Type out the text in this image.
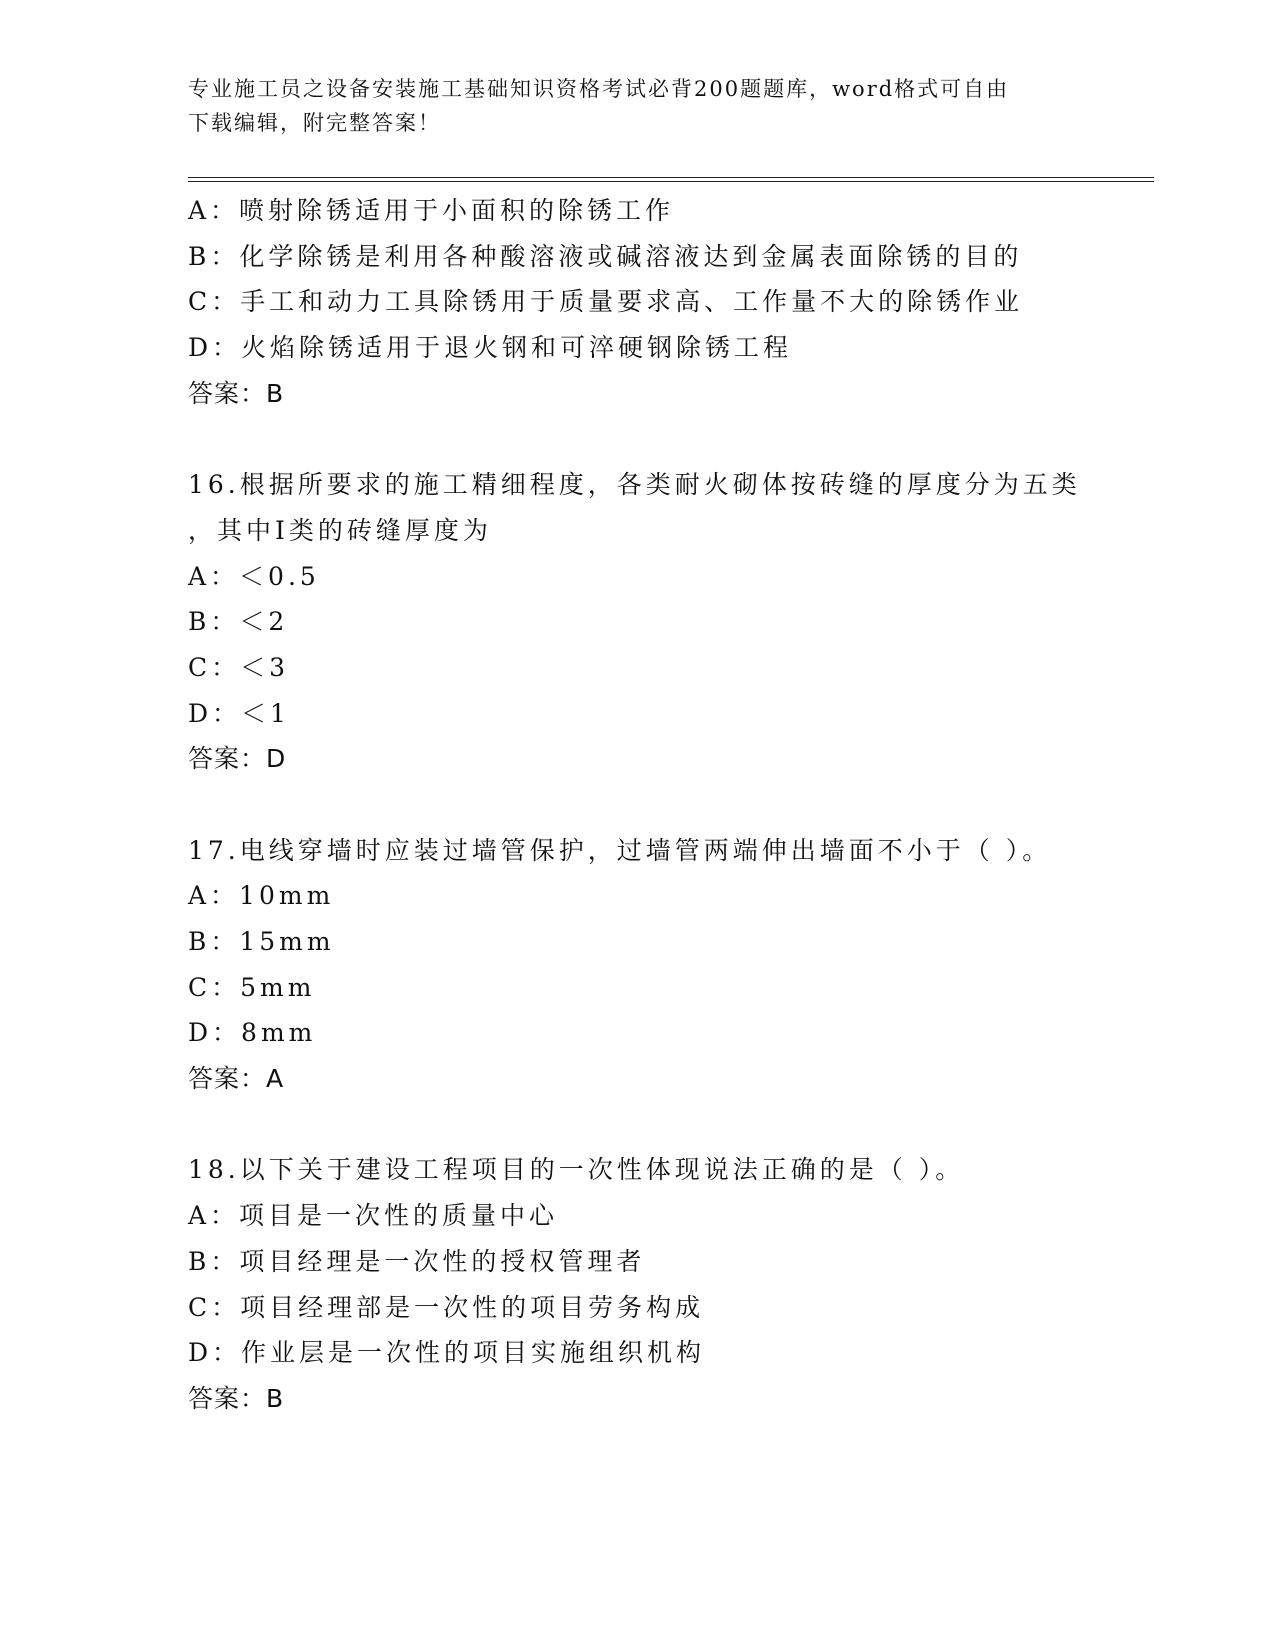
专业施工员之设备安装施工基础知识资格考试必背200题题库，word格式可自由
下载编辑，附完整答案！
A：喷射除锈适用于小面积的除锈工作
B：化学除锈是利用各种酸溶液或碱溶液达到金属表面除锈的目的
C：手工和动力工具除锈用于质量要求高、工作量不大的除锈作业
D：火焰除锈适用于退火钢和可淬硬钢除锈工程
答案：B
16.根据所要求的施工精细程度，各类耐火砌体按砖缝的厚度分为五类
，其中Ⅰ类的砖缝厚度为
A：＜0.5
B：＜2
C：＜3
D：＜1
答案：D
17.电线穿墙时应装过墙管保护，过墙管两端伸出墙面不小于（ ）。
A：10mm
B：15mm
C：5mm
D：8mm
答案：A
18.以下关于建设工程项目的一次性体现说法正确的是（ ）。
A：项目是一次性的质量中心
B：项目经理是一次性的授权管理者
C：项目经理部是一次性的项目劳务构成
D：作业层是一次性的项目实施组织机构
答案：B
